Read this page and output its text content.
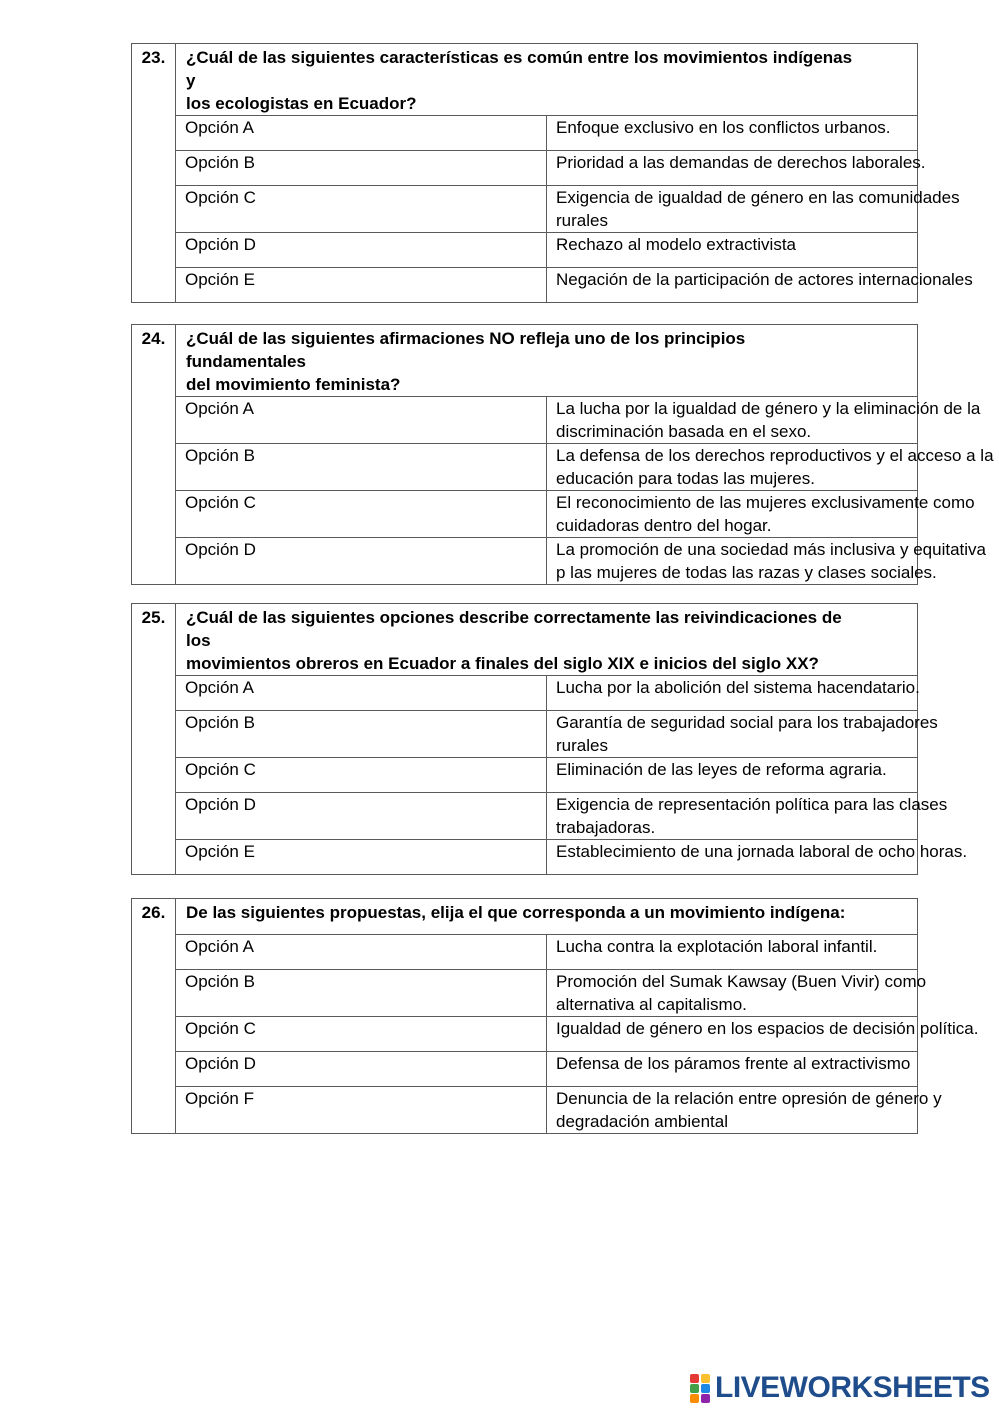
23.	¿Cuál de las siguientes características es común entre los movimientos indígenas
y
los ecologistas en Ecuador?	

	Opción A	Enfoque exclusivo en los conflictos urbanos.

	Opción B	Prioridad a las demandas de derechos laborales.

	Opción C	Exigencia de igualdad de género en las comunidades
rurales

	Opción D	Rechazo al modelo extractivista

	Opción E	Negación de la participación de actores internacionales
24.	¿Cuál de las siguientes afirmaciones NO refleja uno de los principios
fundamentales
del movimiento feminista?	

	Opción A	La lucha por la igualdad de género y la eliminación de la
discriminación basada en el sexo.

	Opción B	La defensa de los derechos reproductivos y el acceso a la
educación para todas las mujeres.

	Opción C	El reconocimiento de las mujeres exclusivamente como
cuidadoras dentro del hogar.

	Opción D	La promoción de una sociedad más inclusiva y equitativa
p las mujeres de todas las razas y clases sociales.
25.	¿Cuál de las siguientes opciones describe correctamente las reivindicaciones de
los
movimientos obreros en Ecuador a finales del siglo XIX e inicios del siglo XX?	

	Opción A	Lucha por la abolición del sistema hacendatario.

	Opción B	Garantía de seguridad social para los trabajadores
rurales

	Opción C	Eliminación de las leyes de reforma agraria.

	Opción D	Exigencia de representación política para las clases
trabajadoras.

	Opción E	Establecimiento de una jornada laboral de ocho horas.
26.	De las siguientes propuestas, elija el que corresponda a un movimiento indígena:	

	Opción A	Lucha contra la explotación laboral infantil.

	Opción B	Promoción del Sumak Kawsay (Buen Vivir) como
alternativa al capitalismo.

	Opción C	Igualdad de género en los espacios de decisión política.

	Opción D	Defensa de los páramos frente al extractivismo

	Opción F	Denuncia de la relación entre opresión de género y
degradación ambiental
LIVEWORKSHEETS
